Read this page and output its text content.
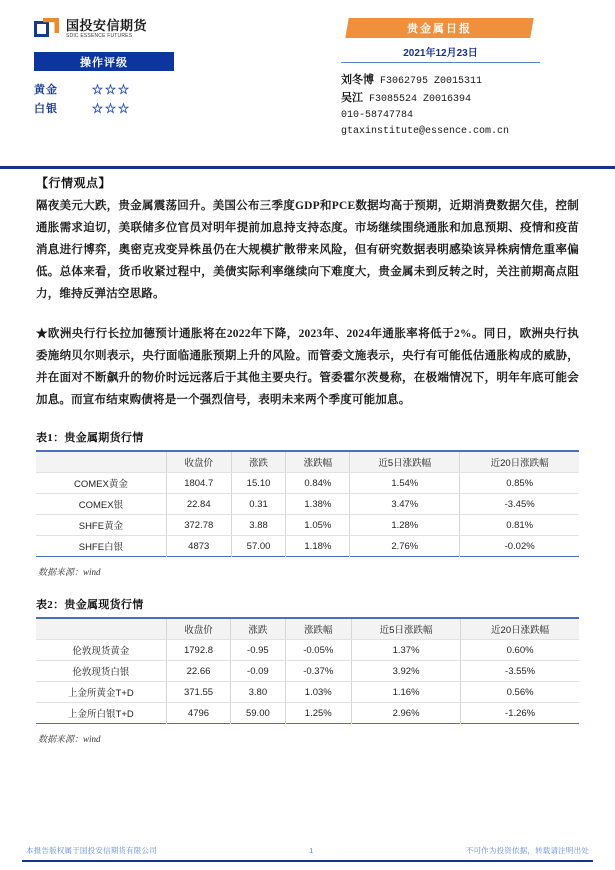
国投安信期货
SDIC ESSENCE FUTURES
操作评级
黄金	☆☆☆
白银	☆☆☆
贵金属日报
2021年12月23日
刘冬博 F3062795 Z0015311
吴江 F3085524 Z0016394
010-58747784
gtaxinstitute@essence.com.cn
【行情观点】

隔夜美元大跌，贵金属震荡回升。美国公布三季度GDP和PCE数据均高于预期，近期消费数据欠佳，控制通胀需求迫切，美联储多位官员对明年提前加息持支持态度。市场继续围绕通胀和加息预期、疫情和疫苗消息进行博弈，奥密克戎变异株虽仍在大规模扩散带来风险，但有研究数据表明感染该异株病情危重率偏低。总体来看，货币收紧过程中，美债实际利率继续向下难度大，贵金属未到反转之时，关注前期高点阻力，维持反弹沽空思路。

★欧洲央行行长拉加德预计通胀将在2022年下降，2023年、2024年通胀率将低于2%。同日，欧洲央行执委施纳贝尔则表示，央行面临通胀预期上升的风险。而管委文施表示，央行有可能低估通胀构成的威胁，并在面对不断飙升的物价时远远落后于其他主要央行。管委霍尔茨曼称，在极端情况下，明年年底可能会加息。而宣布结束购债将是一个强烈信号，表明未来两个季度可能加息。

表1：贵金属期货行情
	收盘价	涨跌	涨跌幅	近5日涨跌幅	近20日涨跌幅
COMEX黄金	1804.7	15.10	0.84%	1.54%	0.85%
COMEX银	22.84	0.31	1.38%	3.47%	-3.45%
SHFE黄金	372.78	3.88	1.05%	1.28%	0.81%
SHFE白银	4873	57.00	1.18%	2.76%	-0.02%
数据来源：wind
表2：贵金属现货行情
	收盘价	涨跌	涨跌幅	近5日涨跌幅	近20日涨跌幅
伦敦现货黄金	1792.8	-0.95	-0.05%	1.37%	0.60%
伦敦现货白银	22.66	-0.09	-0.37%	3.92%	-3.55%
上金所黄金T+D	371.55	3.80	1.03%	1.16%	0.56%
上金所白银T+D	4796	59.00	1.25%	2.96%	-1.26%
数据来源：wind
本报告版权属于国投安信期货有限公司	1	不可作为投资依据，转载请注明出处
